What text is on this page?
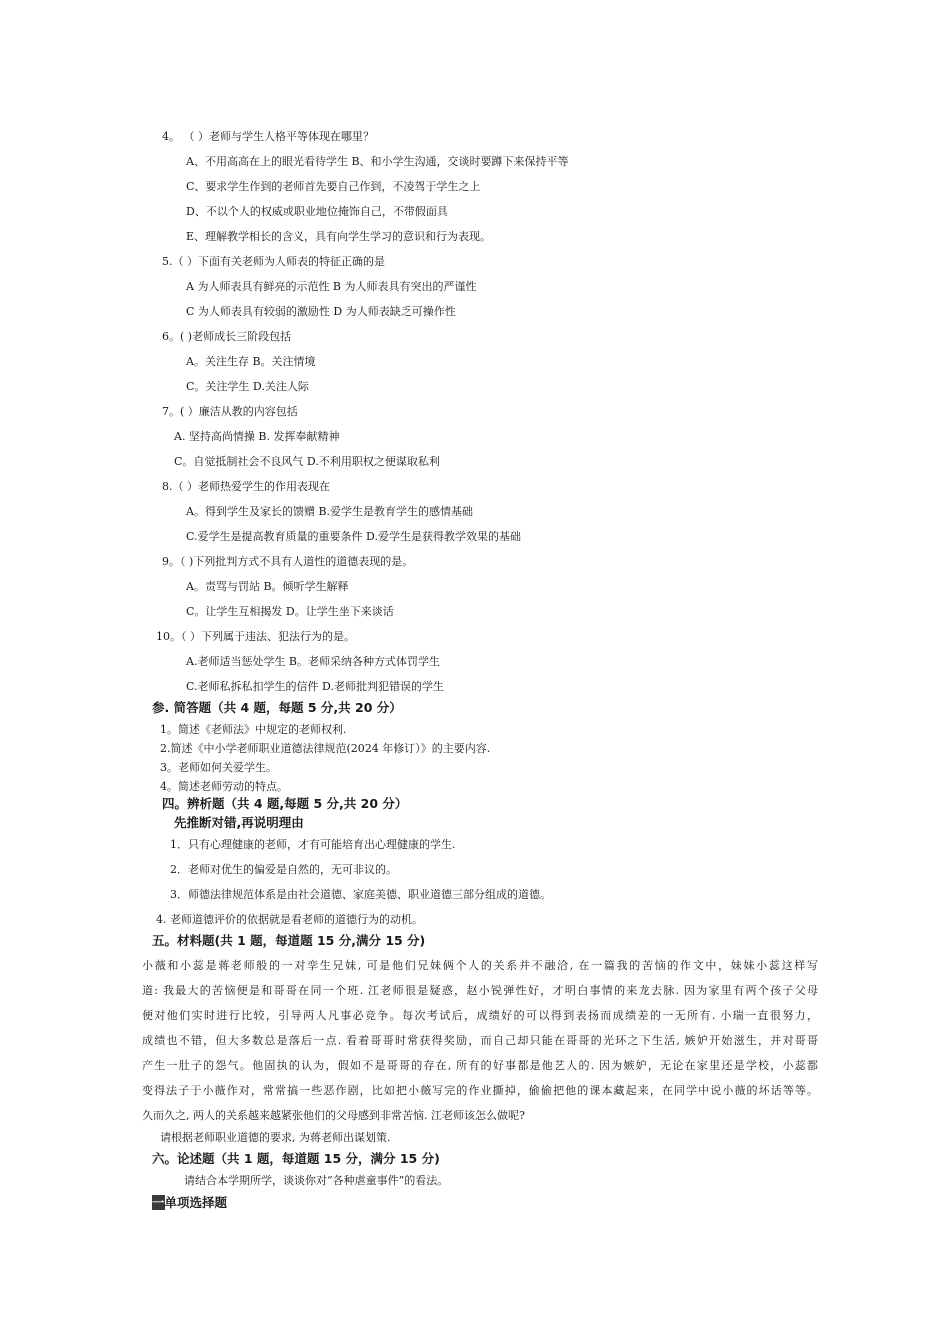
4。 （ ）老师与学生人格平等体现在哪里？
A、不用高高在上的眼光看待学生 B、和小学生沟通，交谈时要蹲下来保持平等
C、要求学生作到的老师首先要自己作到，不凌驾于学生之上
D、不以个人的权威或职业地位掩饰自己，不带假面具
E、理解教学相长的含义，具有向学生学习的意识和行为表现。
5.（ ）下面有关老师为人师表的特征正确的是
A 为人师表具有鲜亮的示范性 B 为人师表具有突出的严谨性
C 为人师表具有较弱的激励性 D 为人师表缺乏可操作性
6。( )老师成长三阶段包括
A。关注生存 B。关注情境
C。关注学生 D.关注人际
7。( ）廉洁从教的内容包括
A. 坚持高尚情操 B. 发挥奉献精神
C。自觉抵制社会不良风气 D.不利用职权之便谋取私利
8.（ ）老师热爱学生的作用表现在
A。得到学生及家长的馈赠 B.爱学生是教育学生的感情基础
C.爱学生是提高教育质量的重要条件 D.爱学生是获得教学效果的基础
9。（ )下列批判方式不具有人道性的道德表现的是。
A。责骂与罚站 B。倾听学生解释
C。让学生互相揭发 D。让学生坐下来谈话
10。（ ）下列属于违法、犯法行为的是。
A.老师适当惩处学生 B。老师采纳各种方式体罚学生
C.老师私拆私扣学生的信件 D.老师批判犯错误的学生
参. 简答题（共 4 题，每题 5 分,共 20 分）
1。简述《老师法》中规定的老师权利.
2.简述《中小学老师职业道德法律规范(2024 年修订）》的主要内容.
3。老师如何关爱学生。
4。简述老师劳动的特点。
四。辨析题（共 4 题,每题 5 分,共 20 分）
先推断对错,再说明理由
1．只有心理健康的老师，才有可能培育出心理健康的学生.
2．老师对优生的偏爱是自然的，无可非议的。
3．师德法律规范体系是由社会道德、家庭美德、职业道德三部分组成的道德。
4. 老师道德评价的依据就是看老师的道德行为的动机。
五。材料题(共 1 题，每道题 15 分,满分 15 分)
小薇和小蕊是蒋老师般的一对孪生兄妹, 可是他们兄妹俩个人的关系并不融洽, 在一篇我的苦恼的作文中，妹妹小蕊这样写
道: 我最大的苦恼便是和哥哥在同一个班. 江老师很是疑惑，赵小锐弹性好，才明白事情的来龙去脉. 因为家里有两个孩子父母
便对他们实时进行比较，引导两人凡事必竞争。每次考试后，成绩好的可以得到表扬而成绩差的一无所有. 小瑞一直很努力，
成绩也不错，但大多数总是落后一点. 看着哥哥时常获得奖励，而自己却只能在哥哥的光环之下生活, 嫉妒开始滋生，并对哥哥
产生一肚子的怨气。他固执的认为，假如不是哥哥的存在, 所有的好事都是他艺人的. 因为嫉妒，无论在家里还是学校，小蕊都
变得法子于小薇作对，常常搞一些恶作剧，比如把小薇写完的作业撕掉，偷偷把他的课本藏起来，在同学中说小薇的坏话等等。
久而久之, 两人的关系越来越紧张他们的父母感到非常苦恼. 江老师该怎么做呢?
请根据老师职业道德的要求, 为蒋老师出谋划策.
六。论述题（共 1 题，每道题 15 分，满分 15 分)
请结合本学期所学，谈谈你对“各种虐童事件”的看法。
一单项选择题
